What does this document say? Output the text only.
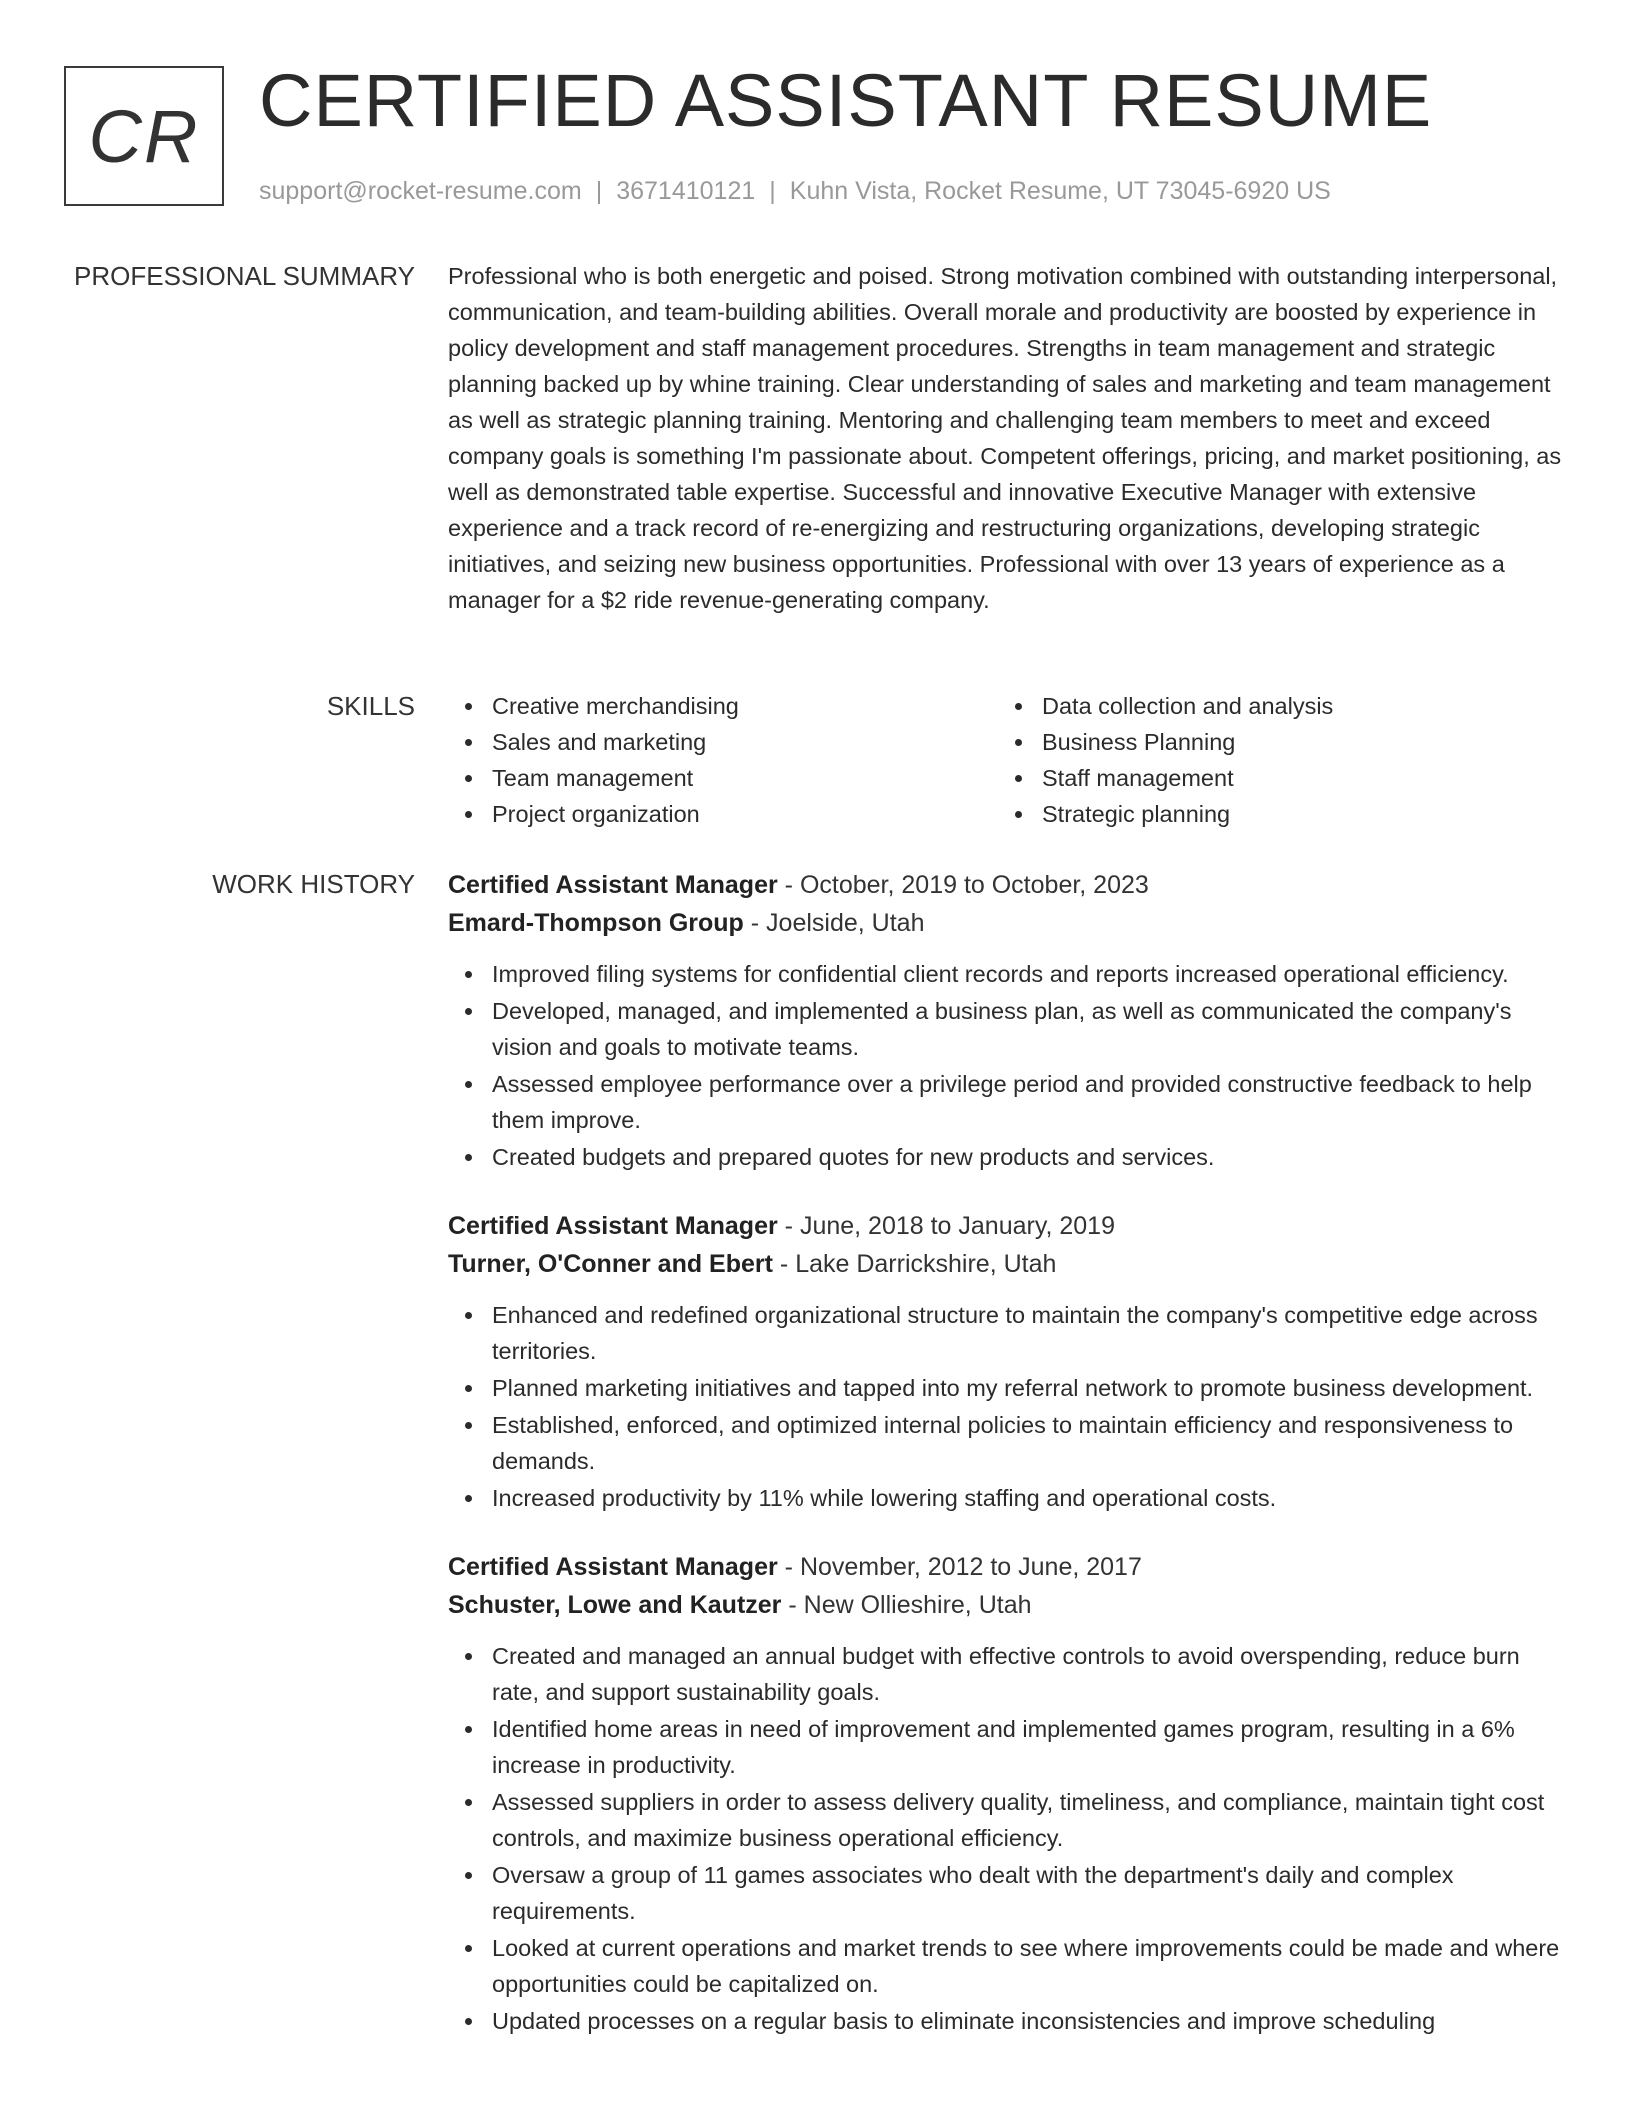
CR CERTIFIED ASSISTANT RESUME
support@rocket-resume.com | 3671410121 | Kuhn Vista, Rocket Resume, UT 73045-6920 US
PROFESSIONAL SUMMARY Professional who is both energetic and poised. Strong motivation combined with outstanding interpersonal, communication, and team-building abilities. Overall morale and productivity are boosted by experience in policy development and staff management procedures. Strengths in team management and strategic planning backed up by whine training. Clear understanding of sales and marketing and team management as well as strategic planning training. Mentoring and challenging team members to meet and exceed company goals is something I'm passionate about. Competent offerings, pricing, and market positioning, as well as demonstrated table expertise. Successful and innovative Executive Manager with extensive experience and a track record of re-energizing and restructuring organizations, developing strategic initiatives, and seizing new business opportunities. Professional with over 13 years of experience as a manager for a $2 ride revenue-generating company.

SKILLS	Creative merchandising
Sales and marketing
Team management
Project organization
Data collection and analysis
Business Planning
Staff management
Strategic planning
WORK HISTORY Certified Assistant Manager - October, 2019 to October, 2023
Emard-Thompson Group - Joelside, Utah
Improved filing systems for confidential client records and reports increased operational efficiency.
Developed, managed, and implemented a business plan, as well as communicated the company's vision and goals to motivate teams.
Assessed employee performance over a privilege period and provided constructive feedback to help them improve.
Created budgets and prepared quotes for new products and services.
Certified Assistant Manager - June, 2018 to January, 2019
Turner, O'Conner and Ebert - Lake Darrickshire, Utah
Enhanced and redefined organizational structure to maintain the company's competitive edge across territories.
Planned marketing initiatives and tapped into my referral network to promote business development.
Established, enforced, and optimized internal policies to maintain efficiency and responsiveness to demands.
Increased productivity by 11% while lowering staffing and operational costs.
Certified Assistant Manager - November, 2012 to June, 2017
Schuster, Lowe and Kautzer - New Ollieshire, Utah
Created and managed an annual budget with effective controls to avoid overspending, reduce burn rate, and support sustainability goals.
Identified home areas in need of improvement and implemented games program, resulting in a 6% increase in productivity.
Assessed suppliers in order to assess delivery quality, timeliness, and compliance, maintain tight cost controls, and maximize business operational efficiency.
Oversaw a group of 11 games associates who dealt with the department's daily and complex requirements.
Looked at current operations and market trends to see where improvements could be made and where opportunities could be capitalized on.
Updated processes on a regular basis to eliminate inconsistencies and improve scheduling
